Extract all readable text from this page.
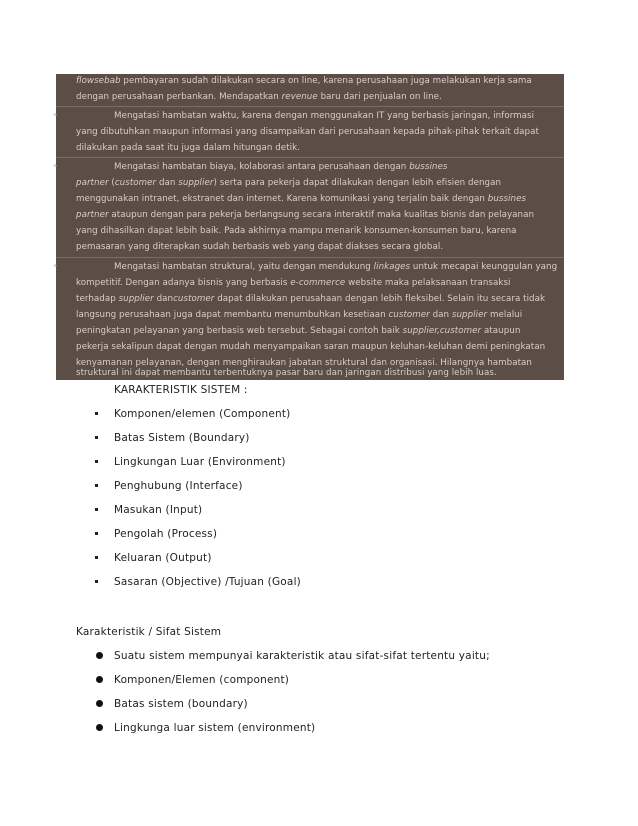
KARAKTERISTIK SISTEM :
Komponen/elemen (Component)
Batas Sistem (Boundary)
Lingkungan Luar (Environment)
Penghubung (Interface)
Masukan (Input)
Pengolah (Process)
Keluaran (Output)
Sasaran (Objective) /Tujuan (Goal)
Karakteristik / Sifat Sistem
Suatu sistem mempunyai karakteristik atau sifat-sifat tertentu yaitu;
Komponen/Elemen (component)
Batas sistem (boundary)
Lingkunga luar sistem (environment)
flowsebab pembayaran sudah dilakukan secara on line, karena perusahaan juga melakukan kerja sama
dengan perusahaan perbankan. Mendapatkan revenue baru dari penjualan on line.
Mengatasi hambatan waktu, karena dengan menggunakan IT yang berbasis jaringan, informasi
yang dibutuhkan maupun informasi yang disampaikan dari perusahaan kepada pihak-pihak terkait dapat
dilakukan pada saat itu juga dalam hitungan detik.
Mengatasi hambatan biaya, kolaborasi antara perusahaan dengan bussines
partner (customer dan supplier) serta para pekerja dapat dilakukan dengan lebih efisien dengan
menggunakan intranet, ekstranet dan internet. Karena komunikasi yang terjalin baik dengan bussines
partner ataupun dengan para pekerja berlangsung secara interaktif maka kualitas bisnis dan pelayanan
yang dihasilkan dapat lebih baik. Pada akhirnya mampu menarik konsumen-konsumen baru, karena
pemasaran yang diterapkan sudah berbasis web yang dapat diakses secara global.
Mengatasi hambatan struktural, yaitu dengan mendukung linkages untuk mecapai keunggulan yang
kompetitif. Dengan adanya bisnis yang berbasis e-commerce website maka pelaksanaan transaksi
terhadap supplier dancustomer dapat dilakukan perusahaan dengan lebih fleksibel. Selain itu secara tidak
langsung perusahaan juga dapat membantu menumbuhkan kesetiaan customer dan supplier melalui
peningkatan pelayanan yang berbasis web tersebut. Sebagai contoh baik supplier,customer ataupun
pekerja sekalipun dapat dengan mudah menyampaikan saran maupun keluhan-keluhan demi peningkatan
kenyamanan pelayanan, dengan menghiraukan jabatan struktural dan organisasi. Hilangnya hambatan
struktural ini dapat membantu terbentuknya pasar baru dan jaringan distribusi yang lebih luas.
•
•
•
